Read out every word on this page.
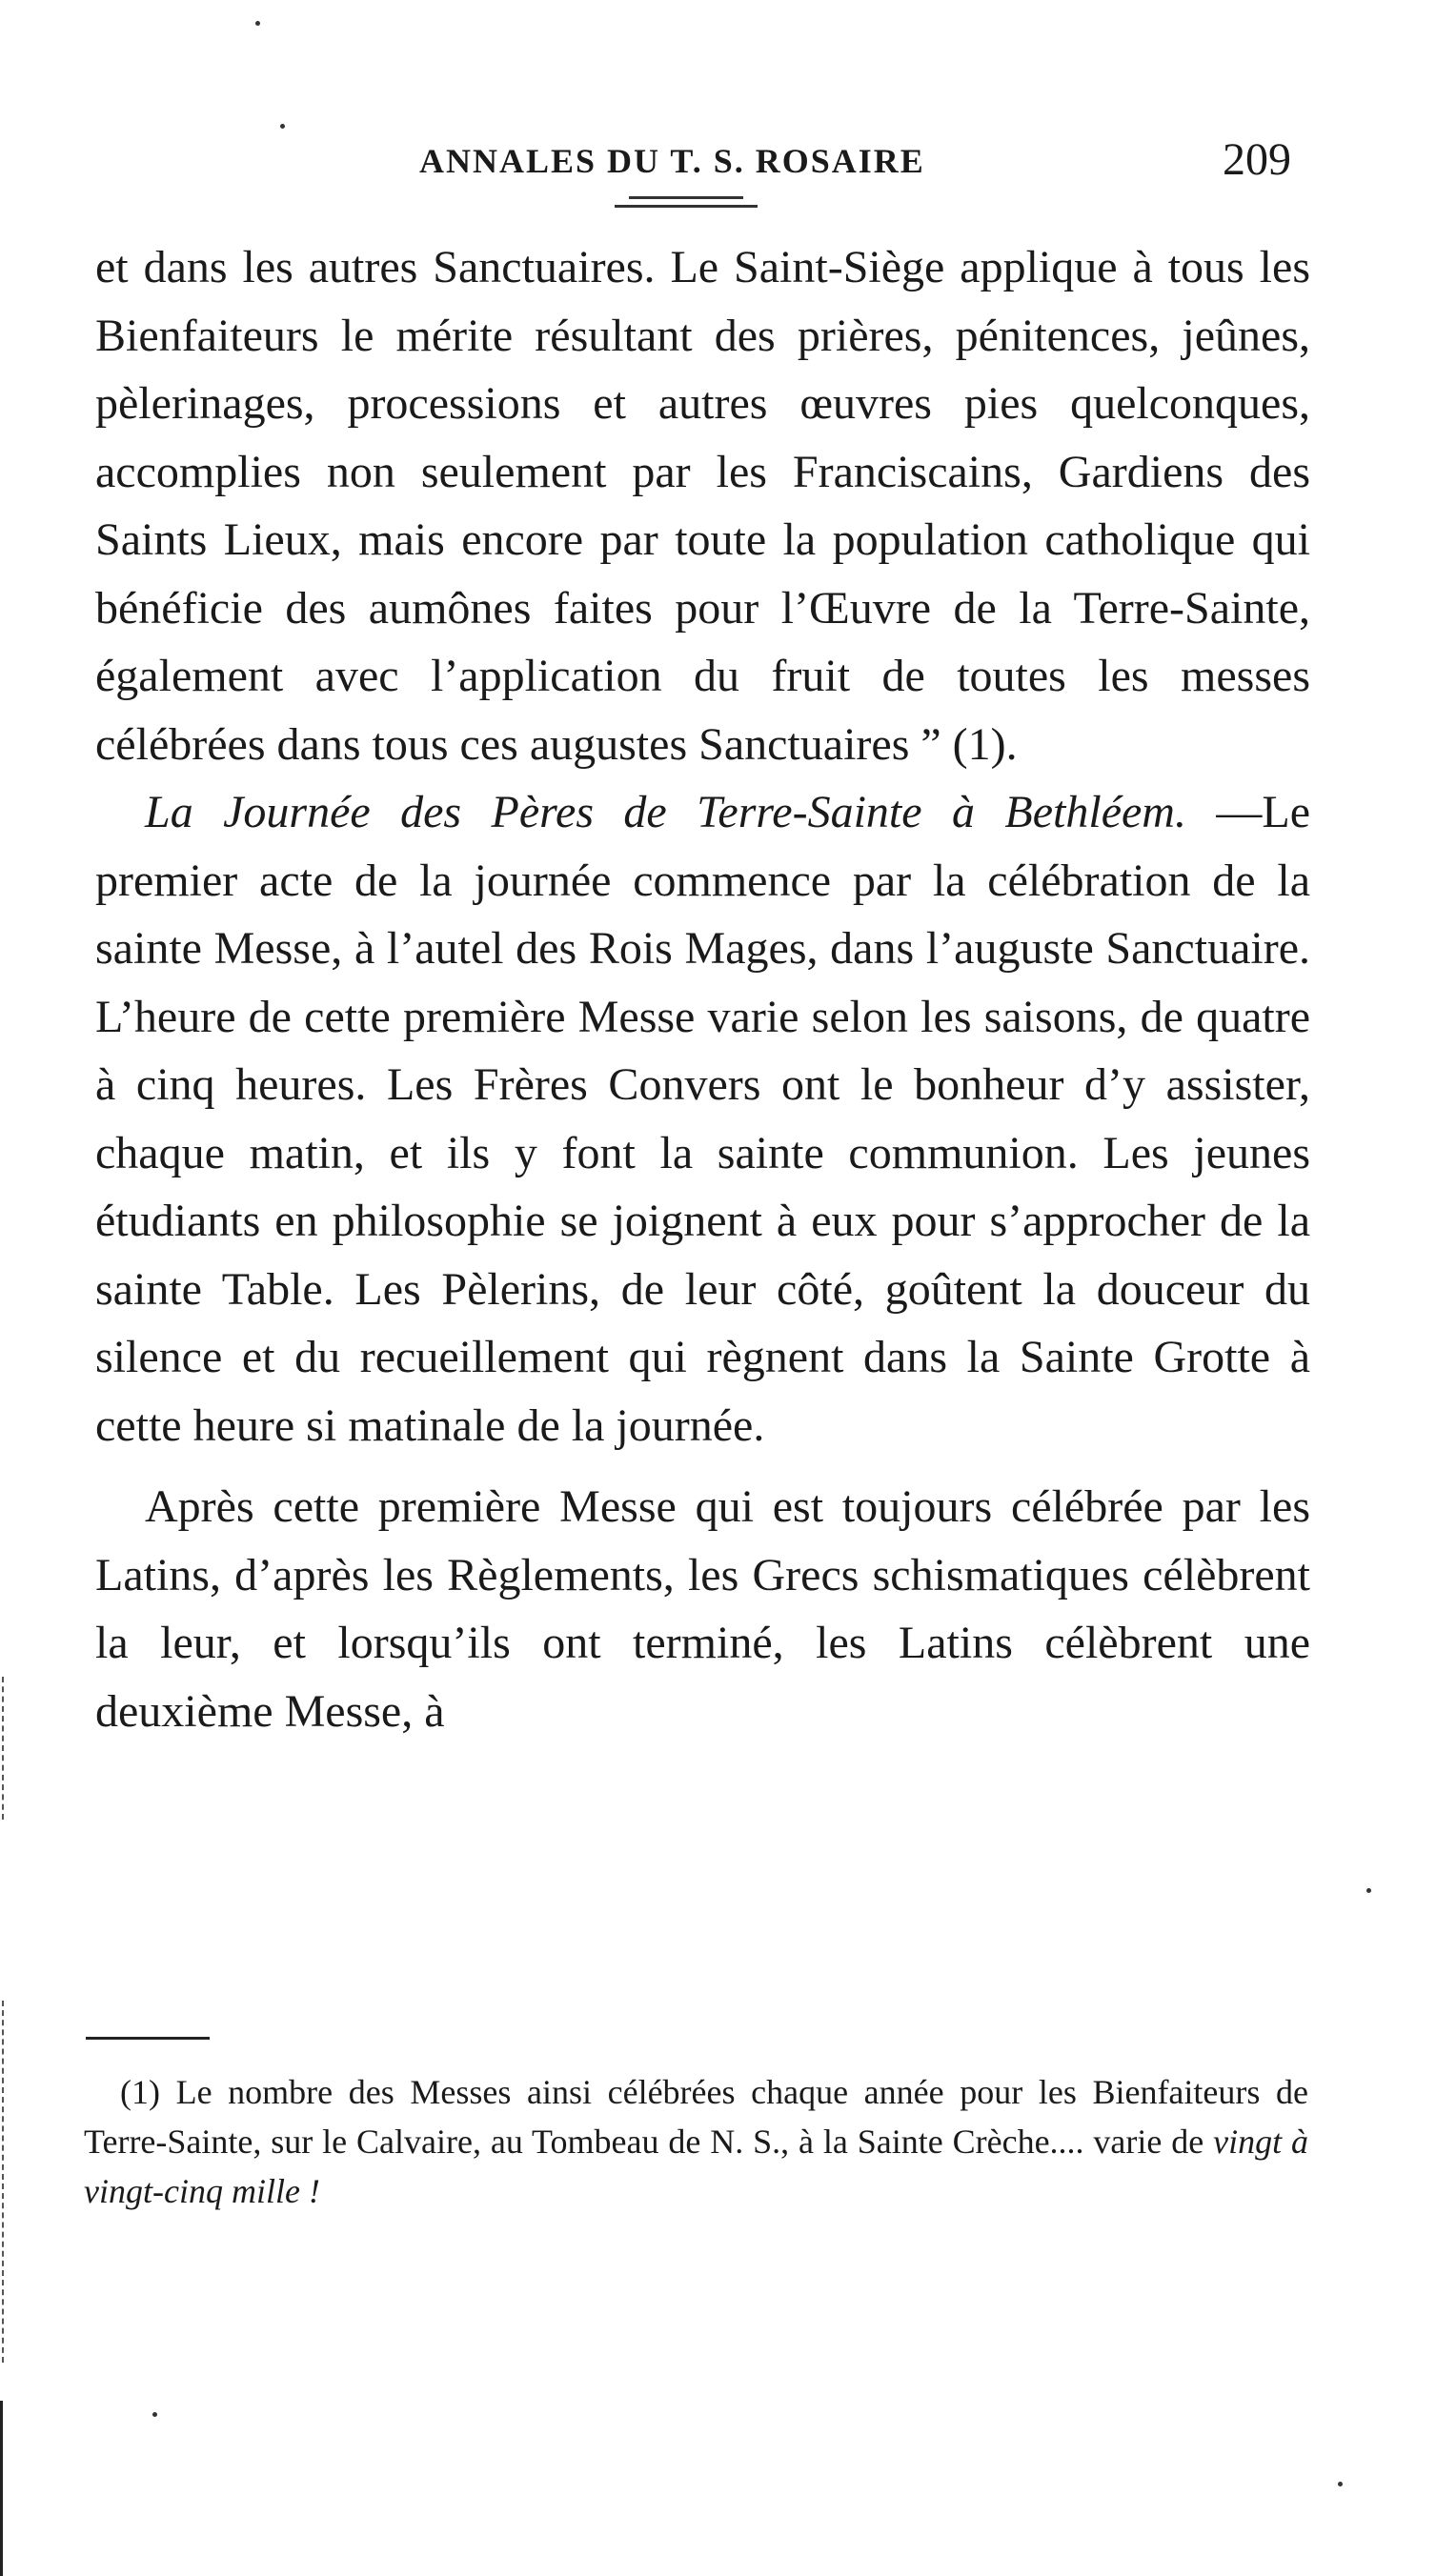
ANNALES DU T. S. ROSAIRE	209

et dans les autres Sanctuaires. Le Saint-Siège applique à tous les Bienfaiteurs le mérite résultant des prières, pénitences, jeûnes, pèlerinages, processions et autres œuvres pies quelconques, accomplies non seulement par les Franciscains, Gardiens des Saints Lieux, mais encore par toute la population catholique qui bénéficie des aumônes faites pour l’Œuvre de la Terre-Sainte, également avec l’application du fruit de toutes les messes célébrées dans tous ces augustes Sanctuaires ” (1).

La Journée des Pères de Terre-Sainte à Bethléem. —Le premier acte de la journée commence par la célébration de la sainte Messe, à l’autel des Rois Mages, dans l’auguste Sanctuaire. L’heure de cette première Messe varie selon les saisons, de quatre à cinq heures. Les Frères Convers ont le bonheur d’y assister, chaque matin, et ils y font la sainte communion. Les jeunes étudiants en philosophie se joignent à eux pour s’approcher de la sainte Table. Les Pèlerins, de leur côté, goûtent la douceur du silence et du recueillement qui règnent dans la Sainte Grotte à cette heure si matinale de la journée.

Après cette première Messe qui est toujours célébrée par les Latins, d’après les Règlements, les Grecs schismatiques célèbrent la leur, et lorsqu’ils ont terminé, les Latins célèbrent une deuxième Messe, à

(1) Le nombre des Messes ainsi célébrées chaque année pour les Bienfaiteurs de Terre-Sainte, sur le Calvaire, au Tombeau de N. S., à la Sainte Crèche.... varie de vingt à vingt-cinq mille !
